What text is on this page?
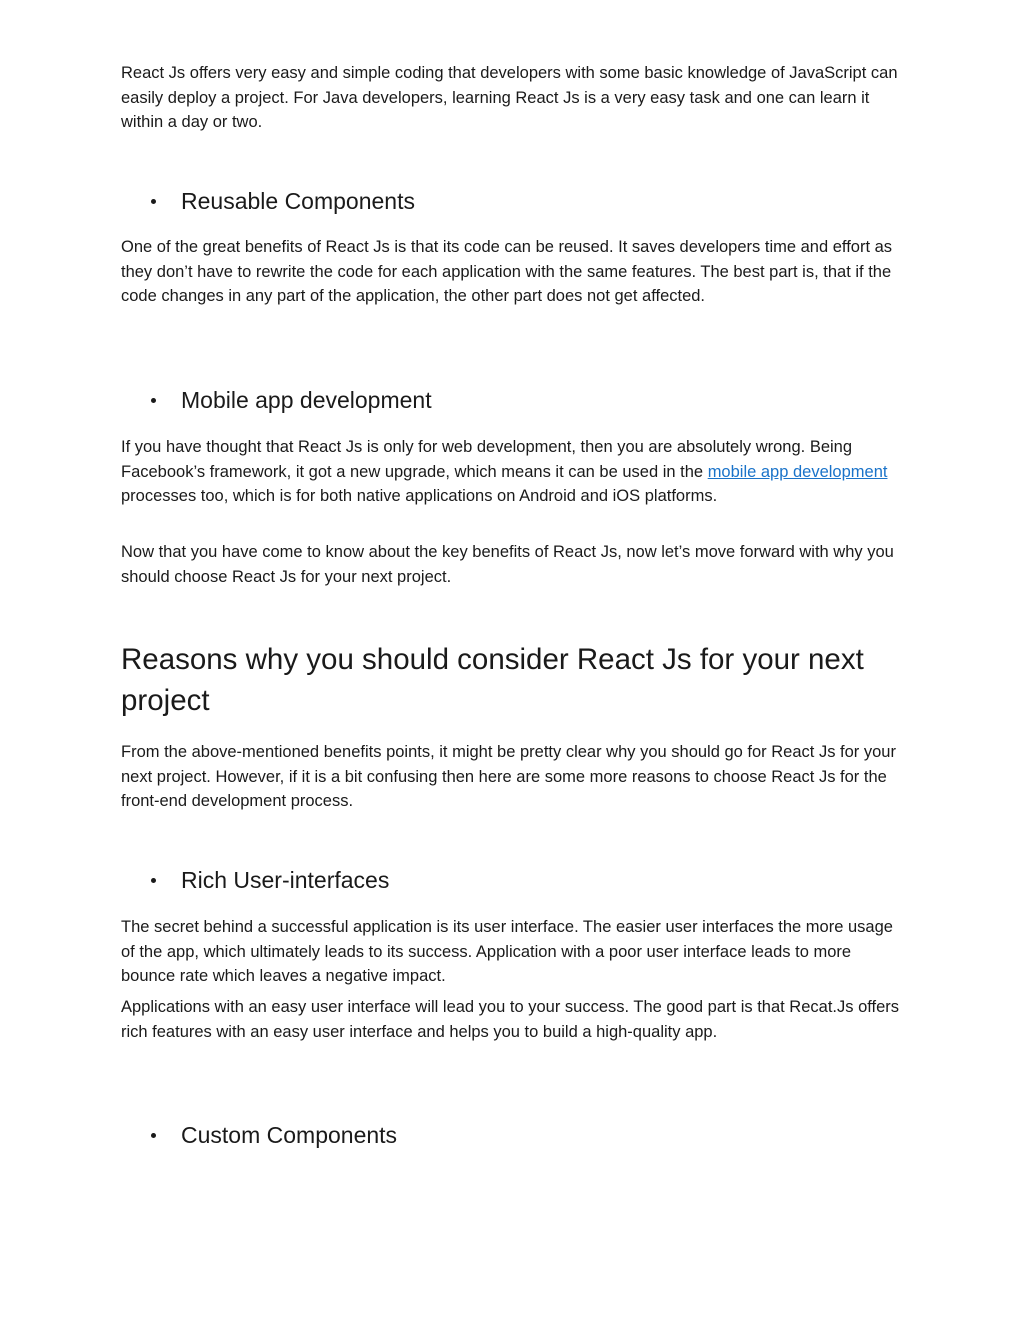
React Js offers very easy and simple coding that developers with some basic knowledge of JavaScript can easily deploy a project. For Java developers, learning React Js is a very easy task and one can learn it within a day or two.

Reusable Components

One of the great benefits of React Js is that its code can be reused. It saves developers time and effort as they don’t have to rewrite the code for each application with the same features. The best part is, that if the code changes in any part of the application, the other part does not get affected.

Mobile app development

If you have thought that React Js is only for web development, then you are absolutely wrong. Being Facebook’s framework, it got a new upgrade, which means it can be used in the mobile app development processes too, which is for both native applications on Android and iOS platforms.

Now that you have come to know about the key benefits of React Js, now let’s move forward with why you should choose React Js for your next project.

Reasons why you should consider React Js for your next project

From the above-mentioned benefits points, it might be pretty clear why you should go for React Js for your next project. However, if it is a bit confusing then here are some more reasons to choose React Js for the front-end development process.

Rich User-interfaces

The secret behind a successful application is its user interface. The easier user interfaces the more usage of the app, which ultimately leads to its success. Application with a poor user interface leads to more bounce rate which leaves a negative impact.

Applications with an easy user interface will lead you to your success. The good part is that Recat.Js offers rich features with an easy user interface and helps you to build a high-quality app.

Custom Components
